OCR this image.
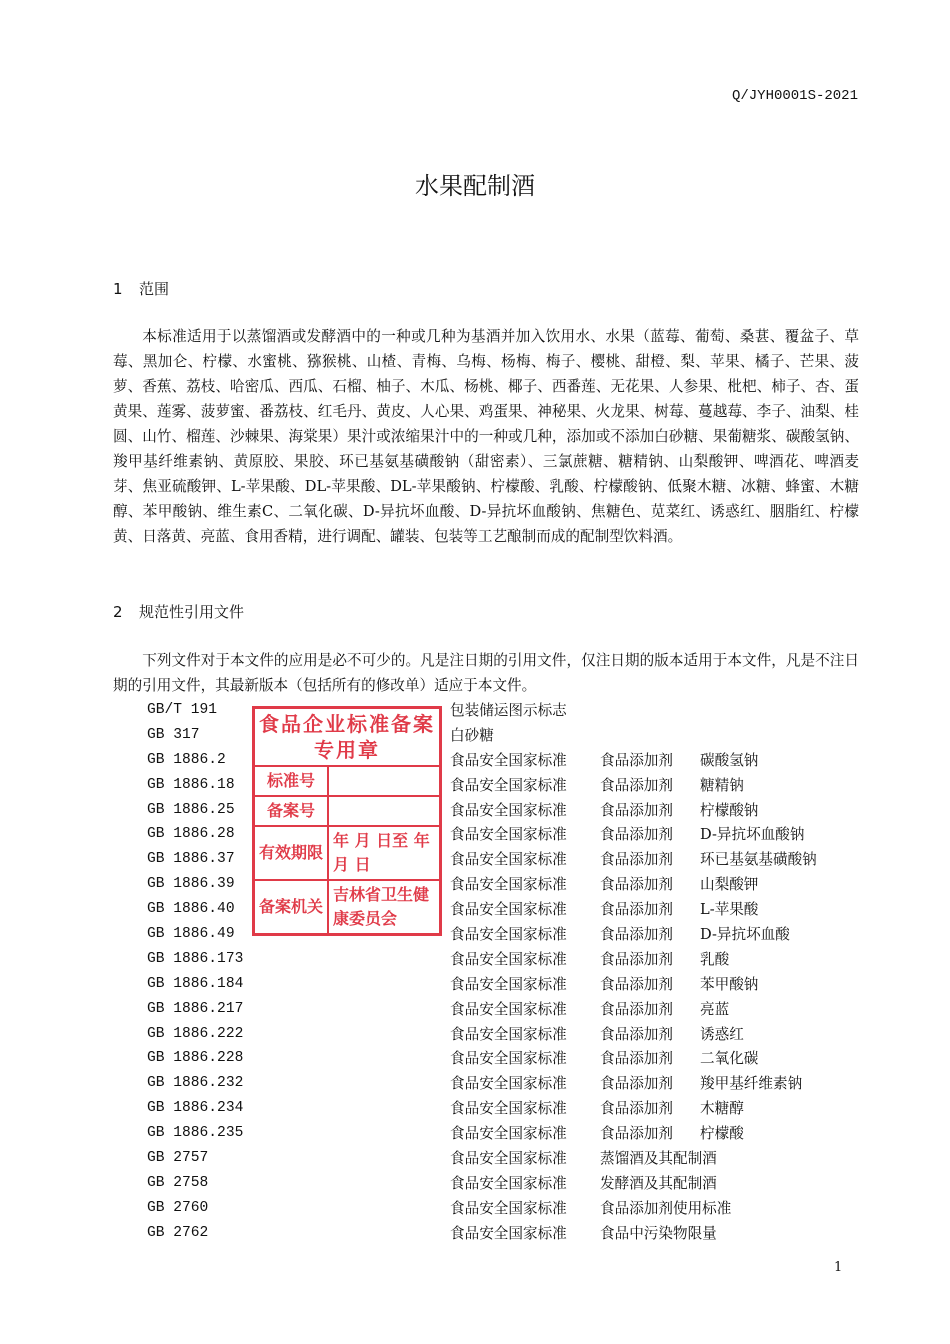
Q/JYH0001S-2021
水果配制酒
1 范围
本标准适用于以蒸馏酒或发酵酒中的一种或几种为基酒并加入饮用水、水果（蓝莓、葡萄、桑葚、覆盆子、草莓、黑加仑、柠檬、水蜜桃、猕猴桃、山楂、青梅、乌梅、杨梅、梅子、樱桃、甜橙、梨、苹果、橘子、芒果、菠萝、香蕉、荔枝、哈密瓜、西瓜、石榴、柚子、木瓜、杨桃、椰子、西番莲、无花果、人参果、枇杷、柿子、杏、蛋黄果、莲雾、菠萝蜜、番荔枝、红毛丹、黄皮、人心果、鸡蛋果、神秘果、火龙果、树莓、蔓越莓、李子、油梨、桂圆、山竹、榴莲、沙棘果、海棠果）果汁或浓缩果汁中的一种或几种，添加或不添加白砂糖、果葡糖浆、碳酸氢钠、羧甲基纤维素钠、黄原胶、果胶、环已基氨基磺酸钠（甜密素）、三氯蔗糖、糖精钠、山梨酸钾、啤酒花、啤酒麦芽、焦亚硫酸钾、L-苹果酸、DL-苹果酸、DL-苹果酸钠、柠檬酸、乳酸、柠檬酸钠、低聚木糖、冰糖、蜂蜜、木糖醇、苯甲酸钠、维生素C、二氧化碳、D-异抗坏血酸、D-异抗坏血酸钠、焦糖色、苋菜红、诱惑红、胭脂红、柠檬黄、日落黄、亮蓝、食用香精，进行调配、罐装、包装等工艺酿制而成的配制型饮料酒。
2 规范性引用文件
下列文件对于本文件的应用是必不可少的。凡是注日期的引用文件，仅注日期的版本适用于本文件，凡是不注日期的引用文件，其最新版本（包括所有的修改单）适应于本文件。
GB/T 191	包装储运图示标志
GB 317	白砂糖
GB 1886.2	食品安全国家标准 食品添加剂 碳酸氢钠
GB 1886.18	食品安全国家标准 食品添加剂 糖精钠
GB 1886.25	食品安全国家标准 食品添加剂 柠檬酸钠
GB 1886.28	食品安全国家标准 食品添加剂 D-异抗坏血酸钠
GB 1886.37	食品安全国家标准 食品添加剂 环已基氨基磺酸钠
GB 1886.39	食品安全国家标准 食品添加剂 山梨酸钾
GB 1886.40	食品安全国家标准 食品添加剂 L-苹果酸
GB 1886.49	食品安全国家标准 食品添加剂 D-异抗坏血酸
GB 1886.173	食品安全国家标准 食品添加剂 乳酸
GB 1886.184	食品安全国家标准 食品添加剂 苯甲酸钠
GB 1886.217	食品安全国家标准 食品添加剂 亮蓝
GB 1886.222	食品安全国家标准 食品添加剂 诱惑红
GB 1886.228	食品安全国家标准 食品添加剂 二氧化碳
GB 1886.232	食品安全国家标准 食品添加剂 羧甲基纤维素钠
GB 1886.234	食品安全国家标准 食品添加剂 木糖醇
GB 1886.235	食品安全国家标准 食品添加剂 柠檬酸
GB 2757	食品安全国家标准 蒸馏酒及其配制酒
GB 2758	食品安全国家标准 发酵酒及其配制酒
GB 2760	食品安全国家标准 食品添加剂使用标准
GB 2762	食品安全国家标准 食品中污染物限量
食品企业标准备案专用章
标准号
备案号
有效期限
年 月 日至 年 月 日
备案机关
吉林省卫生健康委员会
1
